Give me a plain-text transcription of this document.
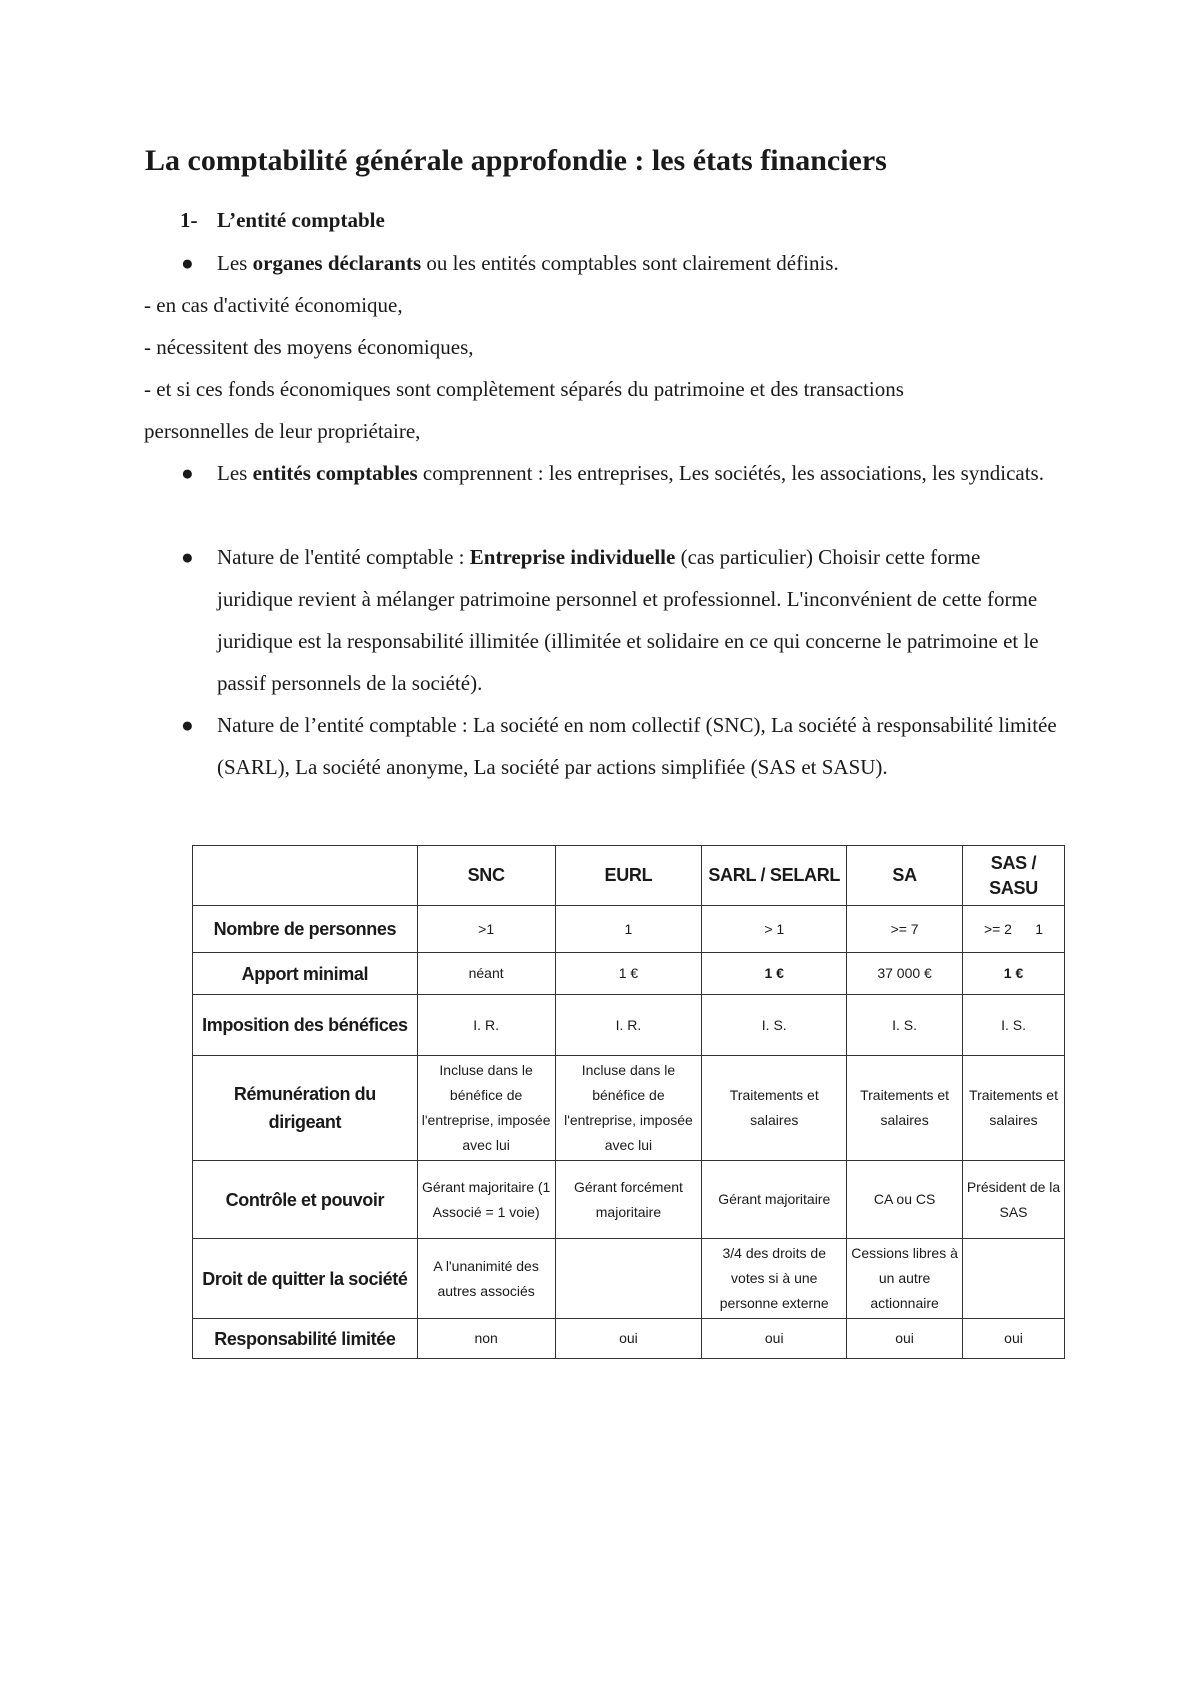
La comptabilité générale approfondie : les états financiers
1- L’entité comptable
● Les organes déclarants ou les entités comptables sont clairement définis.

- en cas d'activité économique,

- nécessitent des moyens économiques,

- et si ces fonds économiques sont complètement séparés du patrimoine et des transactions

personnelles de leur propriétaire,

● Les entités comptables comprennent : les entreprises, Les sociétés, les associations, les syndicats.

● Nature de l'entité comptable : Entreprise individuelle (cas particulier) Choisir cette forme juridique revient à mélanger patrimoine personnel et professionnel. L'inconvénient de cette forme juridique est la responsabilité illimitée (illimitée et solidaire en ce qui concerne le patrimoine et le passif personnels de la société).

● Nature de l’entité comptable : La société en nom collectif (SNC), La société à responsabilité limitée (SARL), La société anonyme, La société par actions simplifiée (SAS et SASU).

	SNC	EURL	SARL / SELARL	SA	SAS / SASU
Nombre de personnes	>1	1	> 1	>= 7	>= 2      1
Apport minimal	néant	1 €	1 €	37 000 €	1 €
Imposition des bénéfices	I. R.	I. R.	I. S.	I. S.	I. S.
Rémunération du dirigeant	Incluse dans le bénéfice de l'entreprise, imposée avec lui	Incluse dans le bénéfice de l'entreprise, imposée avec lui	Traitements et salaires	Traitements et salaires	Traitements et salaires
Contrôle et pouvoir	Gérant majoritaire (1 Associé = 1 voie)	Gérant forcément majoritaire	Gérant majoritaire	CA ou CS	Président de la SAS
Droit de quitter la société	A l'unanimité des autres associés		3/4 des droits de votes si à une personne externe	Cessions libres à un autre actionnaire	
Responsabilité limitée	non	oui	oui	oui	oui
